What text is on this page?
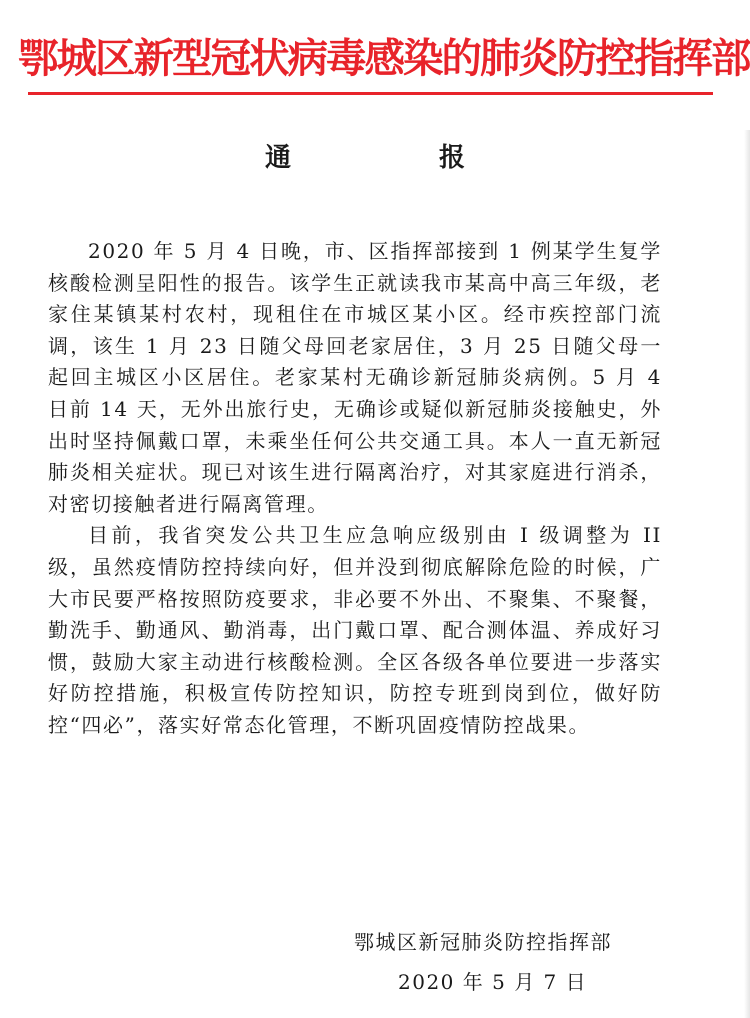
鄂城区新型冠状病毒感染的肺炎防控指挥部
通	报

2020 年 5 月 4 日晚，市、区指挥部接到 1 例某学生复学核酸检测呈阳性的报告。该学生正就读我市某高中高三年级，老家住某镇某村农村，现租住在市城区某小区。经市疾控部门流调，该生 1 月 23 日随父母回老家居住，3 月 25 日随父母一起回主城区小区居住。老家某村无确诊新冠肺炎病例。5 月 4 日前 14 天，无外出旅行史，无确诊或疑似新冠肺炎接触史，外出时坚持佩戴口罩，未乘坐任何公共交通工具。本人一直无新冠肺炎相关症状。现已对该生进行隔离治疗，对其家庭进行消杀，对密切接触者进行隔离管理。

目前，我省突发公共卫生应急响应级别由 I 级调整为 II 级，虽然疫情防控持续向好，但并没到彻底解除危险的时候，广大市民要严格按照防疫要求，非必要不外出、不聚集、不聚餐，勤洗手、勤通风、勤消毒，出门戴口罩、配合测体温、养成好习惯，鼓励大家主动进行核酸检测。全区各级各单位要进一步落实好防控措施，积极宣传防控知识，防控专班到岗到位，做好防控“四必”，落实好常态化管理，不断巩固疫情防控战果。

鄂城区新冠肺炎防控指挥部
2020 年 5 月 7 日
